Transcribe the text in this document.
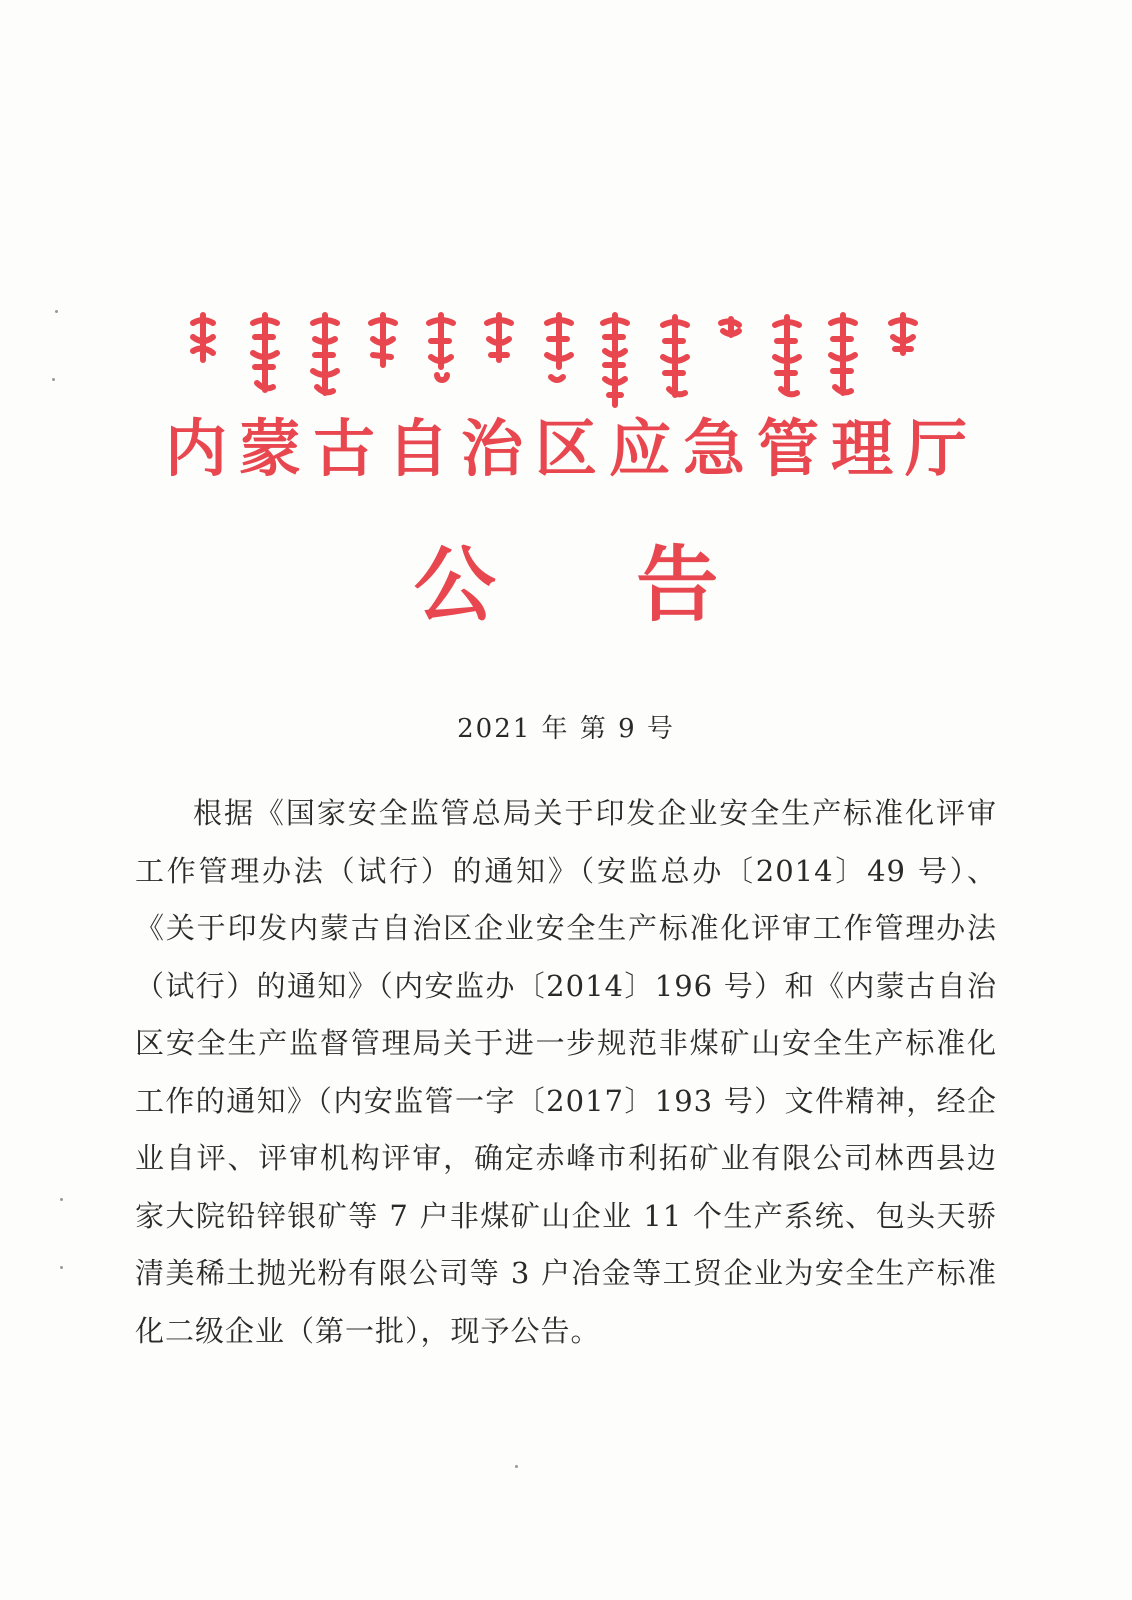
内蒙古自治区应急管理厅
公 告
2021 年 第 9 号

根据《国家安全监管总局关于印发企业安全生产标准化评审工作管理办法（试行）的通知》（安监总办〔2014〕49 号）、《关于印发内蒙古自治区企业安全生产标准化评审工作管理办法（试行）的通知》（内安监办〔2014〕196 号）和《内蒙古自治区安全生产监督管理局关于进一步规范非煤矿山安全生产标准化工作的通知》（内安监管一字〔2017〕193 号）文件精神，经企业自评、评审机构评审，确定赤峰市利拓矿业有限公司林西县边家大院铅锌银矿等 7 户非煤矿山企业 11 个生产系统、包头天骄清美稀土抛光粉有限公司等 3 户冶金等工贸企业为安全生产标准化二级企业（第一批），现予公告。
